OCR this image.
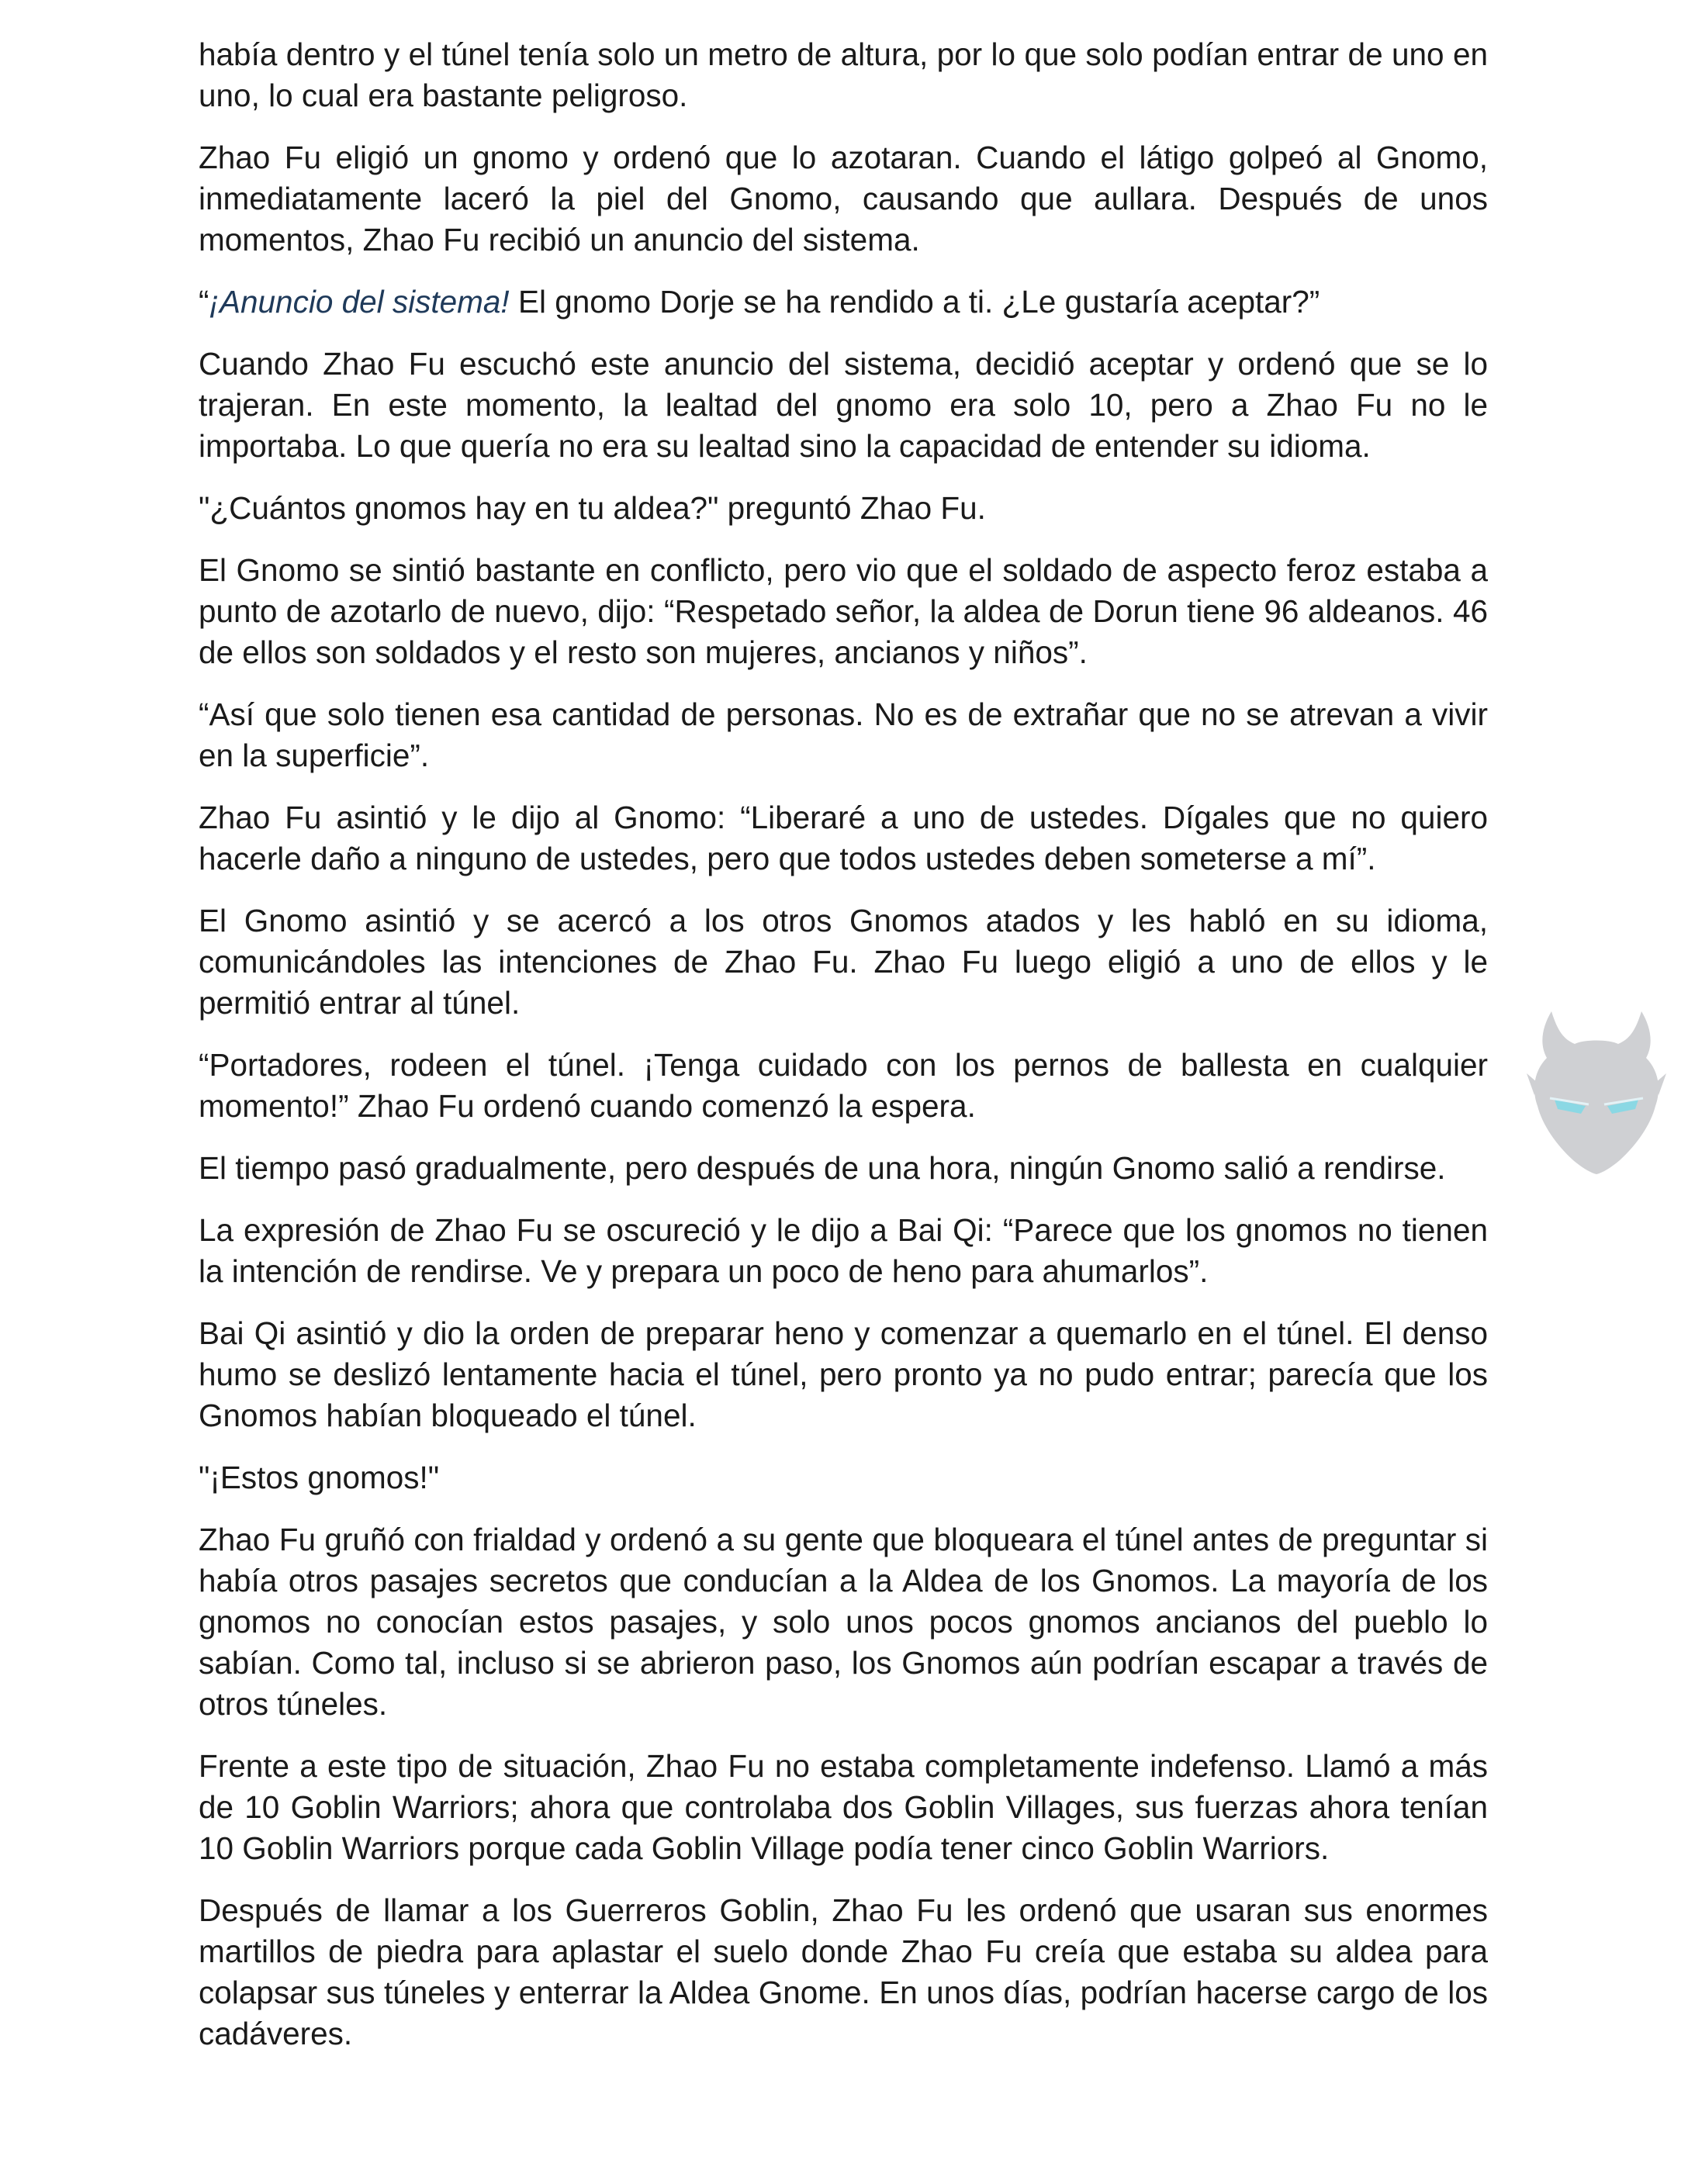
había dentro y el túnel tenía solo un metro de altura, por lo que solo podían entrar de uno en uno, lo cual era bastante peligroso.

Zhao Fu eligió un gnomo y ordenó que lo azotaran. Cuando el látigo golpeó al Gnomo, inmediatamente laceró la piel del Gnomo, causando que aullara. Después de unos momentos, Zhao Fu recibió un anuncio del sistema.

“¡Anuncio del sistema! El gnomo Dorje se ha rendido a ti. ¿Le gustaría aceptar?”

Cuando Zhao Fu escuchó este anuncio del sistema, decidió aceptar y ordenó que se lo trajeran. En este momento, la lealtad del gnomo era solo 10, pero a Zhao Fu no le importaba. Lo que quería no era su lealtad sino la capacidad de entender su idioma.

"¿Cuántos gnomos hay en tu aldea?" preguntó Zhao Fu.

El Gnomo se sintió bastante en conflicto, pero vio que el soldado de aspecto feroz estaba a punto de azotarlo de nuevo, dijo: “Respetado señor, la aldea de Dorun tiene 96 aldeanos. 46 de ellos son soldados y el resto son mujeres, ancianos y niños”.

“Así que solo tienen esa cantidad de personas. No es de extrañar que no se atrevan a vivir en la superficie”.

Zhao Fu asintió y le dijo al Gnomo: “Liberaré a uno de ustedes. Dígales que no quiero hacerle daño a ninguno de ustedes, pero que todos ustedes deben someterse a mí”.

El Gnomo asintió y se acercó a los otros Gnomos atados y les habló en su idioma, comunicándoles las intenciones de Zhao Fu. Zhao Fu luego eligió a uno de ellos y le permitió entrar al túnel.

“Portadores, rodeen el túnel. ¡Tenga cuidado con los pernos de ballesta en cualquier momento!” Zhao Fu ordenó cuando comenzó la espera.

El tiempo pasó gradualmente, pero después de una hora, ningún Gnomo salió a rendirse.

La expresión de Zhao Fu se oscureció y le dijo a Bai Qi: “Parece que los gnomos no tienen la intención de rendirse. Ve y prepara un poco de heno para ahumarlos”.

Bai Qi asintió y dio la orden de preparar heno y comenzar a quemarlo en el túnel. El denso humo se deslizó lentamente hacia el túnel, pero pronto ya no pudo entrar; parecía que los Gnomos habían bloqueado el túnel.

"¡Estos gnomos!"

Zhao Fu gruñó con frialdad y ordenó a su gente que bloqueara el túnel antes de preguntar si había otros pasajes secretos que conducían a la Aldea de los Gnomos. La mayoría de los gnomos no conocían estos pasajes, y solo unos pocos gnomos ancianos del pueblo lo sabían. Como tal, incluso si se abrieron paso, los Gnomos aún podrían escapar a través de otros túneles.

Frente a este tipo de situación, Zhao Fu no estaba completamente indefenso. Llamó a más de 10 Goblin Warriors; ahora que controlaba dos Goblin Villages, sus fuerzas ahora tenían 10 Goblin Warriors porque cada Goblin Village podía tener cinco Goblin Warriors.

Después de llamar a los Guerreros Goblin, Zhao Fu les ordenó que usaran sus enormes martillos de piedra para aplastar el suelo donde Zhao Fu creía que estaba su aldea para colapsar sus túneles y enterrar la Aldea Gnome. En unos días, podrían hacerse cargo de los cadáveres.
